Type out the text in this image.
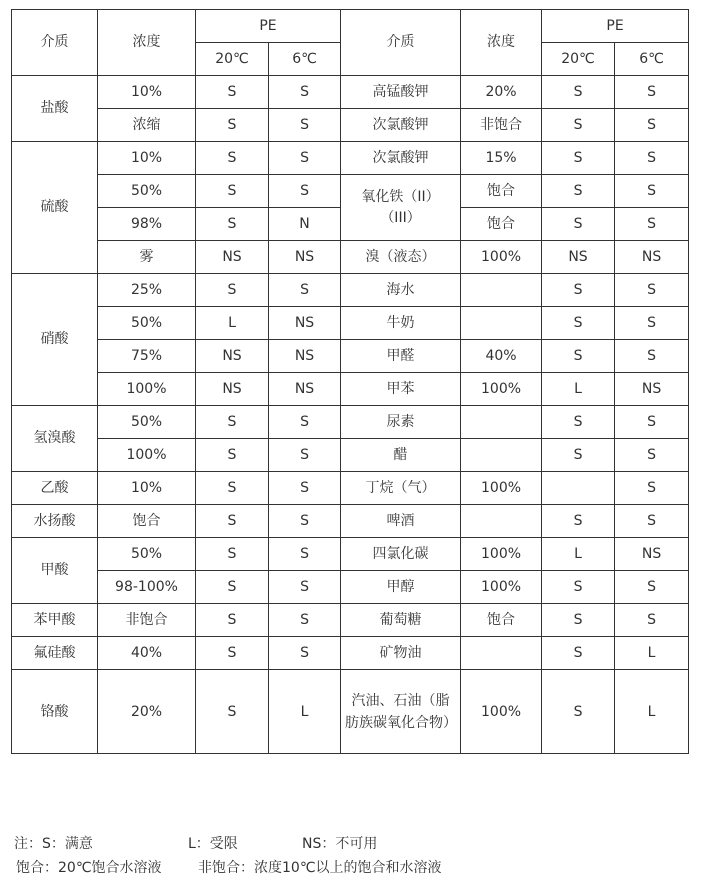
介质	浓度	PE		介质	浓度	PE	
		20℃	6℃			20℃	6℃
盐酸	10%	S	S	高锰酸钾	20%	S	S
	浓缩	S	S	次氯酸钾	非饱合	S	S
硫酸	10%	S	S	次氯酸钾	15%	S	S
	50%	S	S	氧化铁（II）（III）	饱合	S	S
	98%	S	N		饱合	S	S
	雾	NS	NS	溴（液态）	100%	NS	NS
硝酸	25%	S	S	海水		S	S
	50%	L	NS	牛奶		S	S
	75%	NS	NS	甲醛	40%	S	S
	100%	NS	NS	甲苯	100%	L	NS
氢溴酸	50%	S	S	尿素		S	S
	100%	S	S	醋		S	S
乙酸	10%	S	S	丁烷（气）	100%		S
水扬酸	饱合	S	S	啤酒		S	S
甲酸	50%	S	S	四氯化碳	100%	L	NS
	98-100%	S	S	甲醇	100%	S	S
苯甲酸	非饱合	S	S	葡萄糖	饱合	S	S
氟硅酸	40%	S	S	矿物油		S	L
铬酸	20%	S	L	汽油、石油（脂肪族碳氧化合物）	100%	S	L
注：S：满意	L：受限	NS：不可用
饱合：20℃饱合水溶液	非饱合：浓度10℃以上的饱合和水溶液
